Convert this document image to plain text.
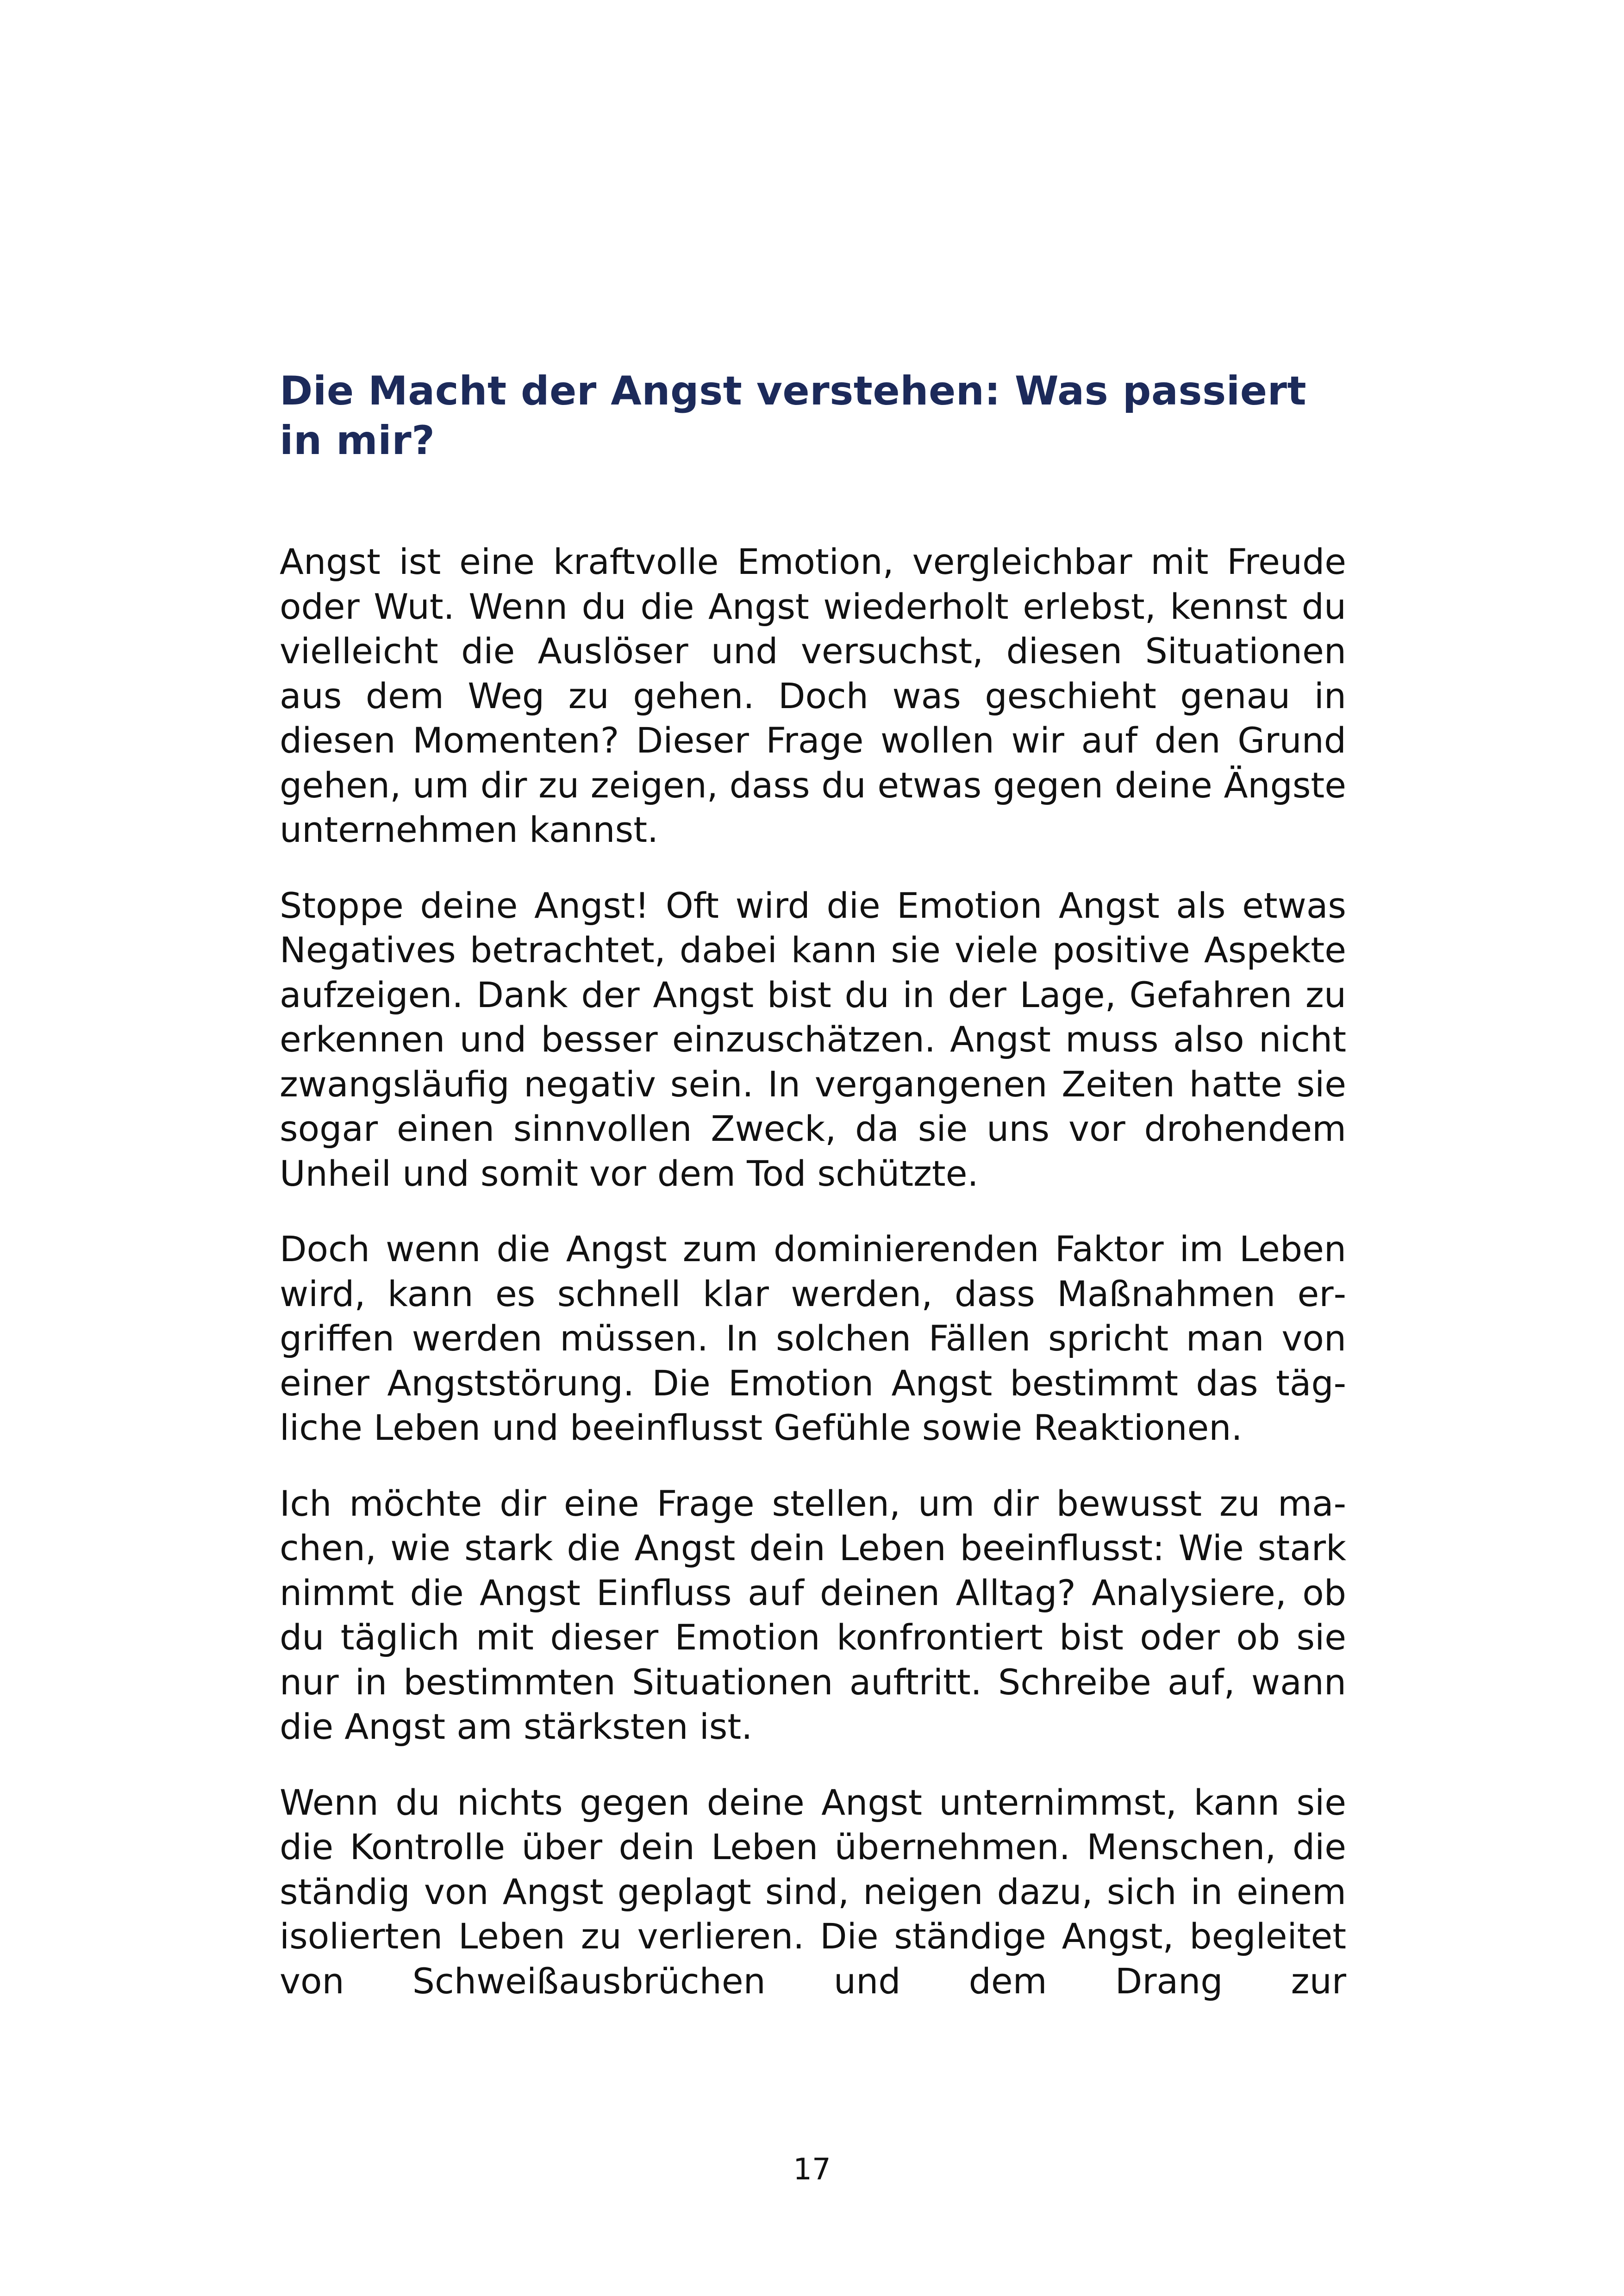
Die Macht der Angst verstehen: Was passiert in mir?

Angst ist eine kraftvolle Emotion, vergleichbar mit Freude oder Wut. Wenn du die Angst wiederholt erlebst, kennst du vielleicht die Auslöser und versuchst, diesen Situationen aus dem Weg zu gehen. Doch was geschieht genau in diesen Momenten? Dieser Frage wollen wir auf den Grund gehen, um dir zu zeigen, dass du etwas gegen deine Ängste unternehmen kannst.

Stoppe deine Angst! Oft wird die Emotion Angst als etwas Negatives betrachtet, dabei kann sie viele positive Aspekte aufzeigen. Dank der Angst bist du in der Lage, Gefahren zu erkennen und besser einzuschätzen. Angst muss also nicht zwangsläufig negativ sein. In vergangenen Zeiten hatte sie sogar einen sinnvollen Zweck, da sie uns vor drohendem Unheil und somit vor dem Tod schützte.

Doch wenn die Angst zum dominierenden Faktor im Leben wird, kann es schnell klar werden, dass Maßnahmen ergriffen werden müssen. In solchen Fällen spricht man von einer Angststörung. Die Emotion Angst bestimmt das tägliche Leben und beeinflusst Gefühle sowie Reaktionen.

Ich möchte dir eine Frage stellen, um dir bewusst zu machen, wie stark die Angst dein Leben beeinflusst: Wie stark nimmt die Angst Einfluss auf deinen Alltag? Analysiere, ob du täglich mit dieser Emotion konfrontiert bist oder ob sie nur in bestimmten Situationen auftritt. Schreibe auf, wann die Angst am stärksten ist.

Wenn du nichts gegen deine Angst unternimmst, kann sie die Kontrolle über dein Leben übernehmen. Menschen, die ständig von Angst geplagt sind, neigen dazu, sich in einem isolierten Leben zu verlieren. Die ständige Angst, begleitet von Schweißausbrüchen und dem Drang zur

17
